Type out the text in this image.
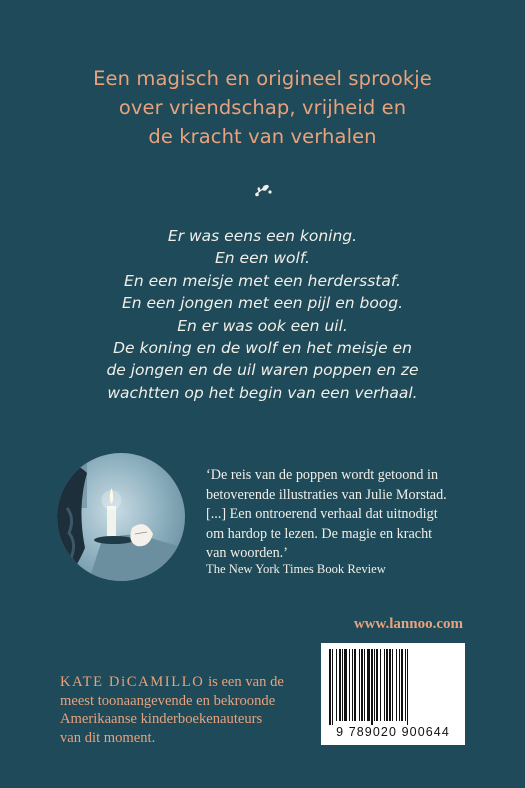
Een magisch en origineel sprookje
over vriendschap, vrijheid en
de kracht van verhalen
Er was eens een koning.
En een wolf.
En een meisje met een herdersstaf.
En een jongen met een pijl en boog.
En er was ook een uil.
De koning en de wolf en het meisje en
de jongen en de uil waren poppen en ze
wachtten op het begin van een verhaal.
‘De reis van de poppen wordt getoond in
betoverende illustraties van Julie Morstad.
[...] Een ontroerend verhaal dat uitnodigt
om hardop te lezen. De magie en kracht
van woorden.’
The New York Times Book Review
www.lannoo.com
KATE DiCAMILLO is een van de
meest toonaangevende en bekroonde
Amerikaanse kinderboekenauteurs
van dit moment.	9 789020 900644
